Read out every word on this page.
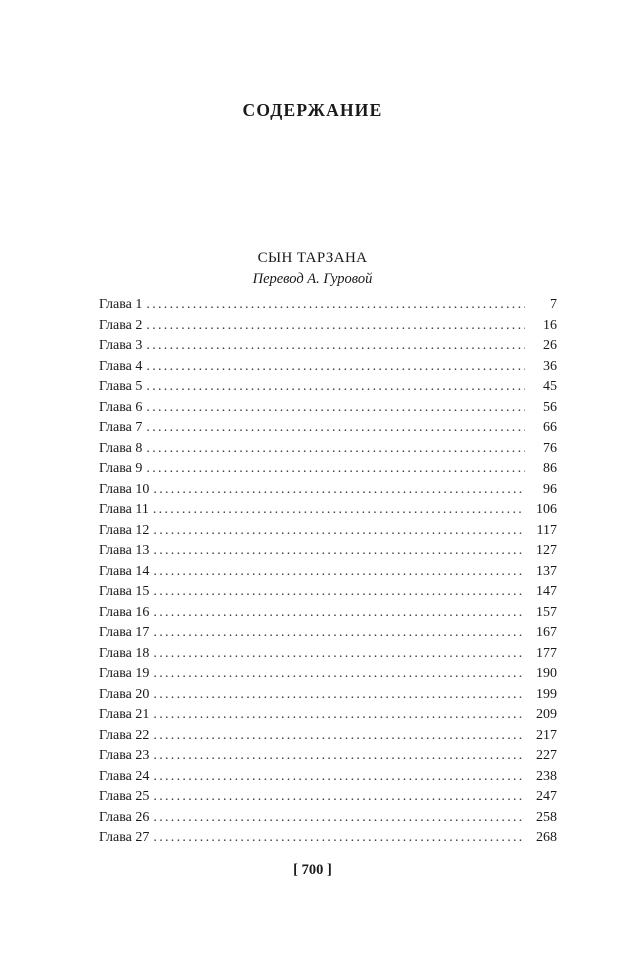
СОДЕРЖАНИЕ
СЫН ТАРЗАНА
Перевод А. Гуровой
Глава 1 . . .	7
Глава 2 . . .	16
Глава 3 . . .	26
Глава 4 . . .	36
Глава 5 . . .	45
Глава 6 . . .	56
Глава 7 . . .	66
Глава 8 . . .	76
Глава 9 . . .	86
Глава 10 . . .	96
Глава 11 . . .	106
Глава 12 . . .	117
Глава 13 . . .	127
Глава 14 . . .	137
Глава 15 . . .	147
Глава 16 . . .	157
Глава 17 . . .	167
Глава 18 . . .	177
Глава 19 . . .	190
Глава 20 . . .	199
Глава 21 . . .	209
Глава 22 . . .	217
Глава 23 . . .	227
Глава 24 . . .	238
Глава 25 . . .	247
Глава 26 . . .	258
Глава 27 . . .	268
[ 700 ]
